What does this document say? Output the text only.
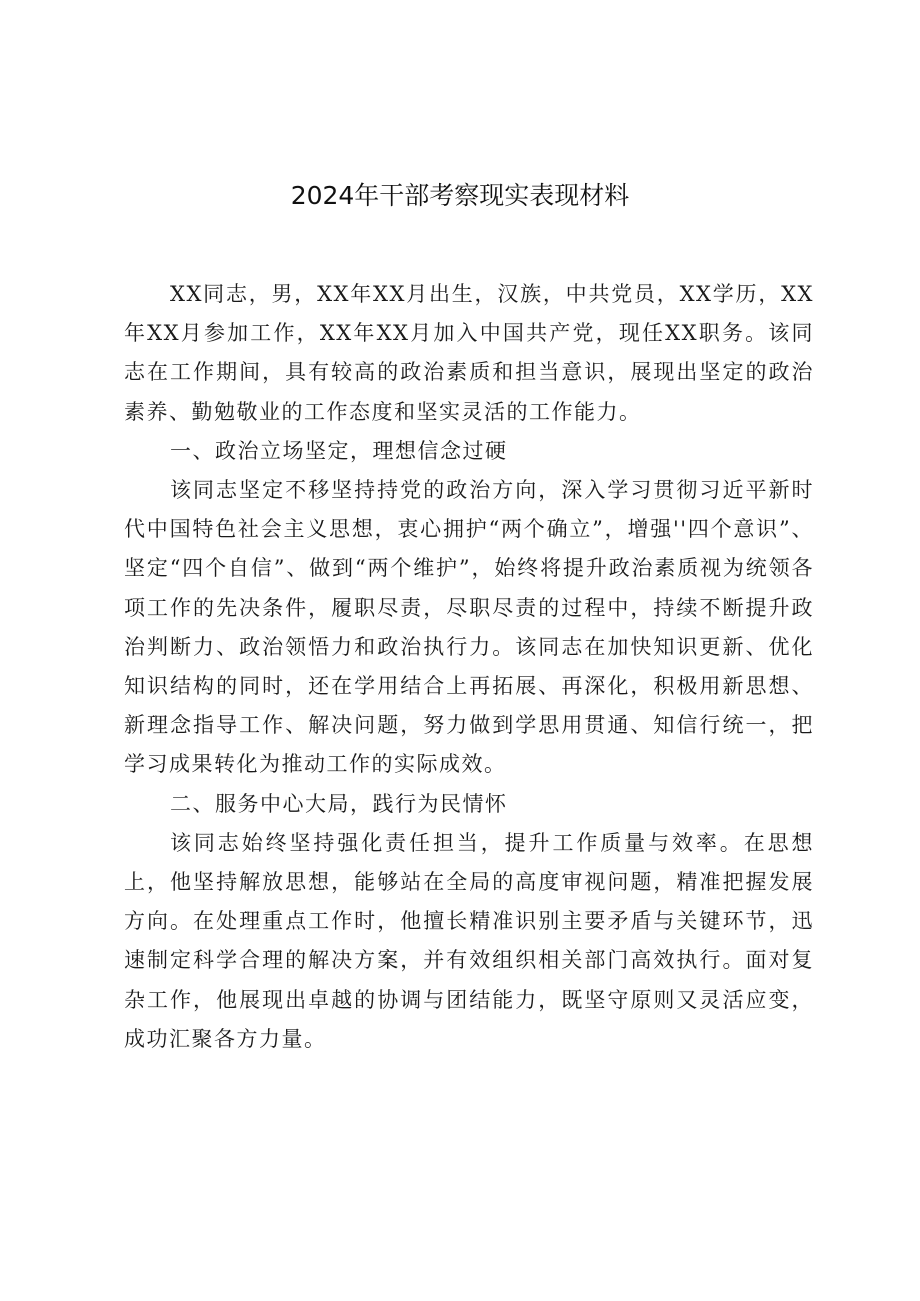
2024年干部考察现实表现材料

XX同志，男，XX年XX月出生，汉族，中共党员，XX学历，XX年XX月参加工作，XX年XX月加入中国共产党，现任XX职务。该同志在工作期间，具有较高的政治素质和担当意识，展现出坚定的政治素养、勤勉敬业的工作态度和坚实灵活的工作能力。

一、政治立场坚定，理想信念过硬

该同志坚定不移坚持持党的政治方向，深入学习贯彻习近平新时代中国特色社会主义思想，衷心拥护“两个确立”，增强''四个意识”、坚定“四个自信”、做到“两个维护”，始终将提升政治素质视为统领各项工作的先决条件，履职尽责，尽职尽责的过程中，持续不断提升政治判断力、政治领悟力和政治执行力。该同志在加快知识更新、优化知识结构的同时，还在学用结合上再拓展、再深化，积极用新思想、新理念指导工作、解决问题，努力做到学思用贯通、知信行统一，把学习成果转化为推动工作的实际成效。

二、服务中心大局，践行为民情怀

该同志始终坚持强化责任担当，提升工作质量与效率。在思想上，他坚持解放思想，能够站在全局的高度审视问题，精准把握发展方向。在处理重点工作时，他擅长精准识别主要矛盾与关键环节，迅速制定科学合理的解决方案，并有效组织相关部门高效执行。面对复杂工作，他展现出卓越的协调与团结能力，既坚守原则又灵活应变，成功汇聚各方力量。
